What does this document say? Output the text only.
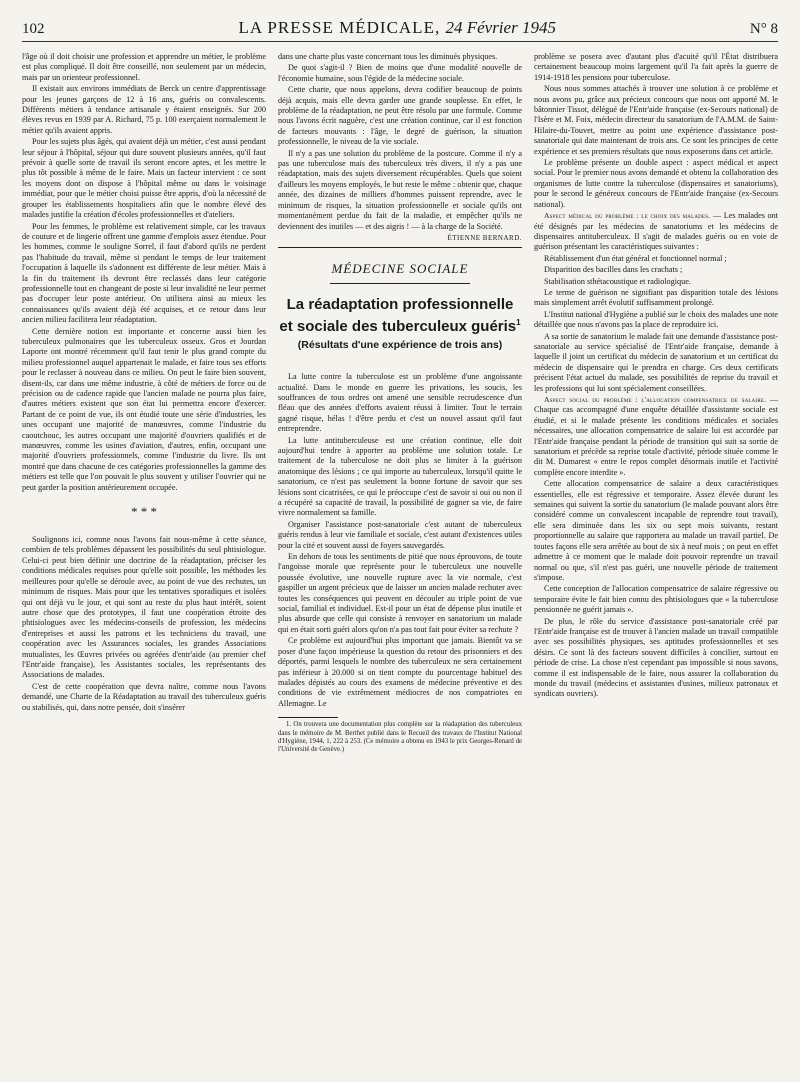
102	LA PRESSE MÉDICALE, 24 Février 1945	N° 8

l'âge où il doit choisir une profession et apprendre un métier, le problème est plus compliqué. Il doit être conseillé, non seulement par un médecin, mais par un orienteur professionnel.

Il existait aux environs immédiats de Berck un centre d'apprentissage pour les jeunes garçons de 12 à 16 ans, guéris ou convalescents. Différents métiers à tendance artisanale y étaient enseignés. Sur 200 élèves revus en 1939 par A. Richard, 75 p. 100 exerçaient normalement le métier qu'ils avaient appris.

Pour les sujets plus âgés, qui avaient déjà un métier, c'est aussi pendant leur séjour à l'hôpital, séjour qui dure souvent plusieurs années, qu'il faut prévoir à quelle sorte de travail ils seront encore aptes, et les mettre le plus tôt possible à même de le faire. Mais un facteur intervient : ce sont les moyens dont on dispose à l'hôpital même ou dans le voisinage immédiat, pour que le métier choisi puisse être appris, d'où la nécessité de grouper les établissements hospitaliers afin que le nombre élevé des malades justifie la création d'écoles professionnelles et d'ateliers.

Pour les femmes, le problème est relativement simple, car les travaux de couture et de lingerie offrent une gamme d'emplois assez étendue. Pour les hommes, comme le souligne Sorrel, il faut d'abord qu'ils ne perdent pas l'habitude du travail, même si pendant le temps de leur traitement l'occupation à laquelle ils s'adonnent est différente de leur métier. Mais à la fin du traitement ils devront être reclassés dans leur catégorie professionnelle tout en changeant de poste si leur invalidité ne leur permet pas d'occuper leur poste antérieur. On utilisera ainsi au mieux les connaissances qu'ils avaient déjà été acquises, et ce retour dans leur ancien milieu facilitera leur réadaptation.

Cette dernière notion est importante et concerne aussi bien les tuberculeux pulmonaires que les tuberculeux osseux. Gros et Jourdan Laporte ont montré récemment qu'il faut tenir le plus grand compte du milieu professionnel auquel appartenait le malade, et faire tous ses efforts pour le reclasser à nouveau dans ce milieu. On peut le faire bien souvent, disent-ils, car dans une même industrie, à côté de métiers de force ou de précision ou de cadence rapide que l'ancien malade ne pourra plus faire, d'autres métiers existent que son état lui permettra encore d'exercer. Partant de ce point de vue, ils ont étudié toute une série d'industries, les unes occupant une majorité de manœuvres, comme l'industrie du caoutchouc, les autres occupant une majorité d'ouvriers qualifiés et de manœuvres, comme les usines d'aviation, d'autres, enfin, occupant une majorité d'ouvriers professionnels, comme l'industrie du livre. Ils ont montré que dans chacune de ces catégories professionnelles la gamme des métiers est telle que l'on pouvait le plus souvent y utiliser l'ouvrier qui ne peut garder la position antérieurement occupée.

* * *

Soulignons ici, comme nous l'avons fait nous-même à cette séance, combien de tels problèmes dépassent les possibilités du seul phtisiologue. Celui-ci peut bien définir une doctrine de la réadaptation, préciser les conditions médicales requises pour qu'elle soit possible, les méthodes les meilleures pour qu'elle se déroule avec, au point de vue des rechutes, un minimum de risques. Mais pour que les tentatives sporadiques et isolées qui ont déjà vu le jour, et qui sont au reste du plus haut intérêt, soient autre chose que des prototypes, il faut une coopération étroite des phtisiologues avec les médecins-conseils de profession, les médecins d'entreprises et aussi les patrons et les techniciens du travail, une coopération avec les Assurances sociales, les grandes Associations mutualistes, les Œuvres privées ou agréées d'entr'aide (au premier chef l'Entr'aide française), les Assistantes sociales, les représentants des Associations de malades.

C'est de cette coopération que devra naître, comme nous l'avons demandé, une Charte de la Réadaptation au travail des tuberculeux guéris ou stabilisés, qui, dans notre pensée, doit s'insérer

dans une charte plus vaste concernant tous les diminués physiques.

De quoi s'agit-il ? Bien de moins que d'une modalité nouvelle de l'économie humaine, sous l'égide de la médecine sociale.

Cette charte, que nous appelons, devra codifier beaucoup de points déjà acquis, mais elle devra garder une grande souplesse. En effet, le problème de la réadaptation, ne peut être résolu par une formule. Comme nous l'avons écrit naguère, c'est une création continue, car il est fonction de facteurs mouvants : l'âge, le degré de guérison, la situation professionnelle, le niveau de la vie sociale.

Il n'y a pas une solution du problème de la postcure. Comme il n'y a pas une tuberculose mais des tuberculeux très divers, il n'y a pas une réadaptation, mais des sujets diversement récupérables. Quels que soient d'ailleurs les moyens employés, le but reste le même : obtenir que, chaque année, des dizaines de milliers d'hommes puissent reprendre, avec le minimum de risques, la situation professionnelle et sociale qu'ils ont momentanément perdue du fait de la maladie, et empêcher qu'ils ne deviennent des inutiles — et des aigris ! — à la charge de la Société.

ÉTIENNE BERNARD.
MÉDECINE SOCIALE
La réadaptation professionnelle et sociale des tuberculeux guéris$^1$
(Résultats d'une expérience de trois ans)

La lutte contre la tuberculose est un problème d'une angoissante actualité. Dans le monde en guerre les privations, les soucis, les souffrances de tous ordres ont amené une sensible recrudescence d'un fléau que des années d'efforts avaient réussi à limiter. Tout le terrain gagné risque, hélas ! d'être perdu et c'est un nouvel assaut qu'il faut entreprendre.

La lutte antituberculeuse est une création continue, elle doit aujourd'hui tendre à apporter au problème une solution totale. Le traitement de la tuberculose ne doit plus se limiter à la guérison anatomique des lésions ; ce qui importe au tuberculeux, lorsqu'il quitte le sanatorium, ce n'est pas seulement la bonne fortune de savoir que ses lésions sont cicatrisées, ce qui le préoccupe c'est de savoir si oui ou non il a récupéré sa capacité de travail, la possibilité de gagner sa vie, de faire vivre normalement sa famille.

Organiser l'assistance post-sanatoriale c'est autant de tuberculeux guéris rendus à leur vie familiale et sociale, c'est autant d'existences utiles pour la cité et souvent aussi de foyers sauvegardés.

En dehors de tous les sentiments de pitié que nous éprouvons, de toute l'angoisse morale que représente pour le tuberculeux une nouvelle poussée évolutive, une nouvelle rupture avec la vie normale, c'est gaspiller un argent précieux que de laisser un ancien malade rechuter avec toutes les conséquences qui peuvent en découler au triple point de vue social, familial et individuel. Est-il pour un état de dépense plus inutile et plus absurde que celle qui consiste à renvoyer en sanatorium un malade qui en était sorti guéri alors qu'on n'a pas tout fait pour éviter sa rechute ?

Ce problème est aujourd'hui plus important que jamais. Bientôt va se poser d'une façon impérieuse la question du retour des prisonniers et des déportés, parmi lesquels le nombre des tuberculeux ne sera certainement pas inférieur à 20.000 si on tient compte du pourcentage habituel des malades dépistés au cours des examens de médecine préventive et des conditions de vie extrêmement médiocres de nos compatriotes en Allemagne. Le

1. On trouvera une documentation plus complète sur la réadaptation des tuberculeux dans le mémoire de M. Berthet publié dans le Recueil des travaux de l'Institut National d'Hygiène, 1944, 1, 222 à 253. (Ce mémoire a obtenu en 1943 le prix Georges-Renard de l'Université de Genève.)

problème se posera avec d'autant plus d'acuité qu'il l'État distribuera certainement beaucoup moins largement qu'il l'a fait après la guerre de 1914-1918 les pensions pour tuberculose.

Nous nous sommes attachés à trouver une solution à ce problème et nous avons pu, grâce aux précieux concours que nous ont apporté M. le bâtonnier Tissot, délégué de l'Entr'aide française (ex-Secours national) de l'Isère et M. Foix, médecin directeur du sanatorium de l'A.M.M. de Saint-Hilaire-du-Touvet, mettre au point une expérience d'assistance post-sanatoriale qui date maintenant de trois ans. Ce sont les principes de cette expérience et ses premiers résultats que nous exposerons dans cet article.

Le problème présente un double aspect : aspect médical et aspect social. Pour le premier nous avons demandé et obtenu la collaboration des organismes de lutte contre la tuberculose (dispensaires et sanatoriums), pour le second le généreux concours de l'Entr'aide française (ex-Secours national).

Aspect médical du problème : le choix des malades. — Les malades ont été désignés par les médecins de sanatoriums et les médecins de dispensaires antituberculeux. Il s'agit de malades guéris ou en voie de guérison présentant les caractéristiques suivantes :

Rétablissement d'un état général et fonctionnel normal ;

Disparition des bacilles dans les crachats ;

Stabilisation sthétacoustique et radiologique.

Le terme de guérison ne signifiant pas disparition totale des lésions mais simplement arrêt évolutif suffisamment prolongé.

L'Institut national d'Hygiène a publié sur le choix des malades une note détaillée que nous n'avons pas la place de reproduire ici.

A sa sortie de sanatorium le malade fait une demande d'assistance post-sanatoriale au service spécialisé de l'Entr'aide française, demande à laquelle il joint un certificat du médecin de sanatorium et un certificat du médecin de dispensaire qui le prendra en charge. Ces deux certificats précisent l'état actuel du malade, ses possibilités de reprise du travail et les professions qui lui sont spécialement conseillées.

Aspect social du problème : l'allocation compensatrice de salaire. — Chaque cas accompagné d'une enquête détaillée d'assistante sociale est étudié, et si le malade présente les conditions médicales et sociales nécessaires, une allocation compensatrice de salaire lui est accordée par l'Entr'aide française pendant la période de transition qui suit sa sortie de sanatorium et précède sa reprise totale d'activité, période située comme le dit M. Dumarest « entre le repos complet désormais inutile et l'activité complète encore interdite ».

Cette allocation compensatrice de salaire a deux caractéristiques essentielles, elle est régressive et temporaire. Assez élevée durant les semaines qui suivent la sortie du sanatorium (le malade pouvant alors être considéré comme un convalescent incapable de reprendre tout travail), elle sera diminuée dans les six ou sept mois suivants, restant proportionnelle au salaire que rapportera au malade un travail partiel. De toutes façons elle sera arrêtée au bout de six à neuf mois ; on peut en effet admettre à ce moment que le malade doit pouvoir reprendre un travail normal ou que, s'il n'est pas guéri, une nouvelle période de traitement s'impose.

Cette conception de l'allocation compensatrice de salaire régressive ou temporaire évite le fait bien connu des phtisiologues que « la tuberculose pensionnée ne guérit jamais ».

De plus, le rôle du service d'assistance post-sanatoriale créé par l'Entr'aide française est de trouver à l'ancien malade un travail compatible avec ses possibilités physiques, ses aptitudes professionnelles et ses désirs. Ce sont là des facteurs souvent difficiles à concilier, surtout en période de crise. La chose n'est cependant pas impossible si nous savons, comme il est indispensable de le faire, nous assurer la collaboration du monde du travail (médecins et assistantes d'usines, milieux patronaux et syndicats ouvriers).
